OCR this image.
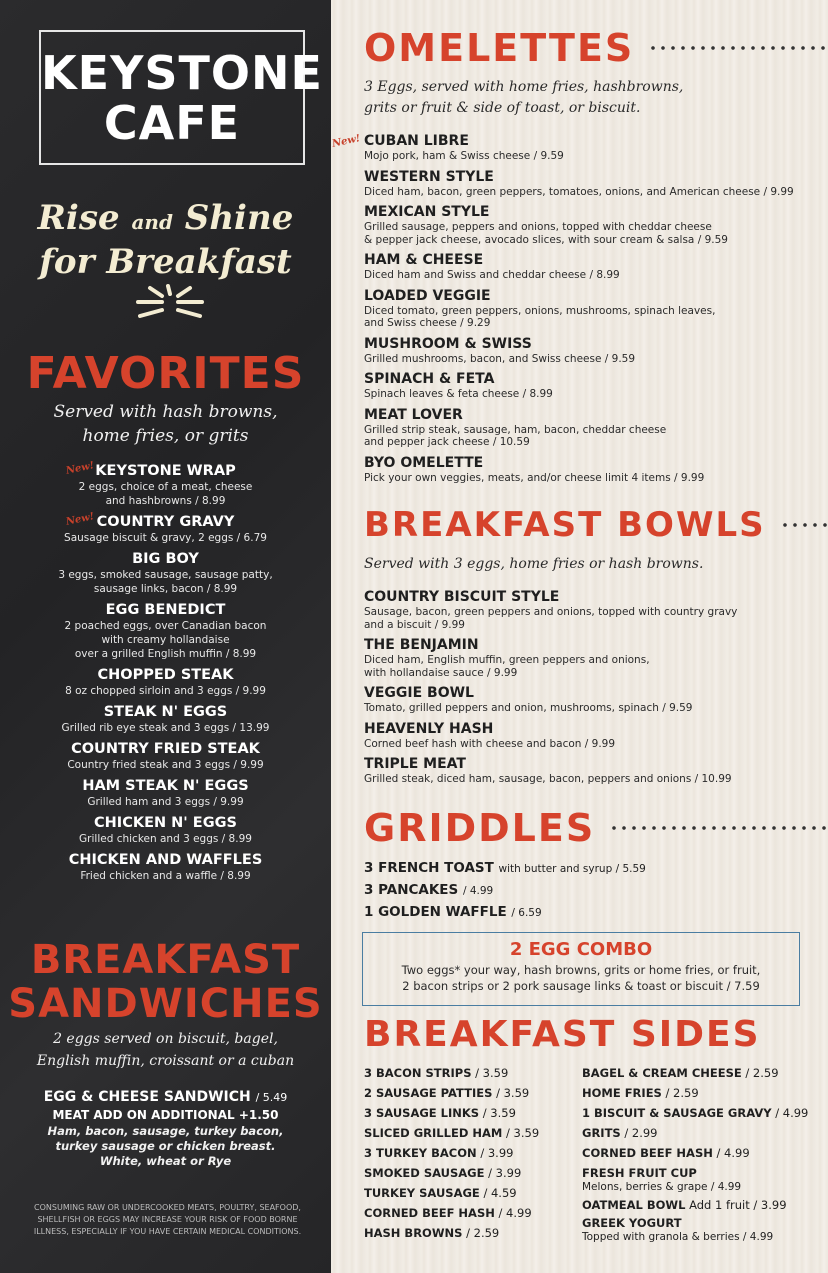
KEYSTONE
CAFE
Rise and Shine
for Breakfast
FAVORITES
Served with hash browns,
home fries, or grits
New! KEYSTONE WRAP
2 eggs, choice of a meat, cheese
and hashbrowns / 8.99
New! COUNTRY GRAVY
Sausage biscuit & gravy, 2 eggs / 6.79
BIG BOY
3 eggs, smoked sausage, sausage patty,
sausage links, bacon / 8.99
EGG BENEDICT
2 poached eggs, over Canadian bacon
with creamy hollandaise
over a grilled English muffin / 8.99
CHOPPED STEAK
8 oz chopped sirloin and 3 eggs / 9.99
STEAK N' EGGS
Grilled rib eye steak and 3 eggs / 13.99
COUNTRY FRIED STEAK
Country fried steak and 3 eggs / 9.99
HAM STEAK N' EGGS
Grilled ham and 3 eggs / 9.99
CHICKEN N' EGGS
Grilled chicken and 3 eggs / 8.99
CHICKEN AND WAFFLES
Fried chicken and a waffle / 8.99
BREAKFAST
SANDWICHES
2 eggs served on biscuit, bagel,
English muffin, croissant or a cuban
EGG & CHEESE SANDWICH / 5.49
MEAT ADD ON ADDITIONAL +1.50
Ham, bacon, sausage, turkey bacon,
turkey sausage or chicken breast.
White, wheat or Rye
CONSUMING RAW OR UNDERCOOKED MEATS, POULTRY, SEAFOOD,
SHELLFISH OR EGGS MAY INCREASE YOUR RISK OF FOOD BORNE
ILLNESS, ESPECIALLY IF YOU HAVE CERTAIN MEDICAL CONDITIONS.
OMELETTES
3 Eggs, served with home fries, hashbrowns,
grits or fruit & side of toast, or biscuit.
New! CUBAN LIBRE
Mojo pork, ham & Swiss cheese / 9.59
WESTERN STYLE
Diced ham, bacon, green peppers, tomatoes, onions, and American cheese / 9.99
MEXICAN STYLE
Grilled sausage, peppers and onions, topped with cheddar cheese
& pepper jack cheese, avocado slices, with sour cream & salsa / 9.59
HAM & CHEESE
Diced ham and Swiss and cheddar cheese / 8.99
LOADED VEGGIE
Diced tomato, green peppers, onions, mushrooms, spinach leaves,
and Swiss cheese / 9.29
MUSHROOM & SWISS
Grilled mushrooms, bacon, and Swiss cheese / 9.59
SPINACH & FETA
Spinach leaves & feta cheese / 8.99
MEAT LOVER
Grilled strip steak, sausage, ham, bacon, cheddar cheese
and pepper jack cheese / 10.59
BYO OMELETTE
Pick your own veggies, meats, and/or cheese limit 4 items / 9.99
BREAKFAST BOWLS
Served with 3 eggs, home fries or hash browns.
COUNTRY BISCUIT STYLE
Sausage, bacon, green peppers and onions, topped with country gravy
and a biscuit / 9.99
THE BENJAMIN
Diced ham, English muffin, green peppers and onions,
with hollandaise sauce / 9.99
VEGGIE BOWL
Tomato, grilled peppers and onion, mushrooms, spinach / 9.59
HEAVENLY HASH
Corned beef hash with cheese and bacon / 9.99
TRIPLE MEAT
Grilled steak, diced ham, sausage, bacon, peppers and onions / 10.99
GRIDDLES
3 FRENCH TOAST with butter and syrup / 5.59
3 PANCAKES / 4.99
1 GOLDEN WAFFLE / 6.59
2 EGG COMBO
Two eggs* your way, hash browns, grits or home fries, or fruit,
2 bacon strips or 2 pork sausage links & toast or biscuit / 7.59
BREAKFAST SIDES
3 BACON STRIPS / 3.59
2 SAUSAGE PATTIES / 3.59
3 SAUSAGE LINKS / 3.59
SLICED GRILLED HAM / 3.59
3 TURKEY BACON / 3.99
SMOKED SAUSAGE / 3.99
TURKEY SAUSAGE / 4.59
CORNED BEEF HASH / 4.99
HASH BROWNS / 2.59
BAGEL & CREAM CHEESE / 2.59
HOME FRIES / 2.59
1 BISCUIT & SAUSAGE GRAVY / 4.99
GRITS / 2.99
CORNED BEEF HASH / 4.99
FRESH FRUIT CUP
Melons, berries & grape / 4.99
OATMEAL BOWL Add 1 fruit / 3.99
GREEK YOGURT
Topped with granola & berries / 4.99
